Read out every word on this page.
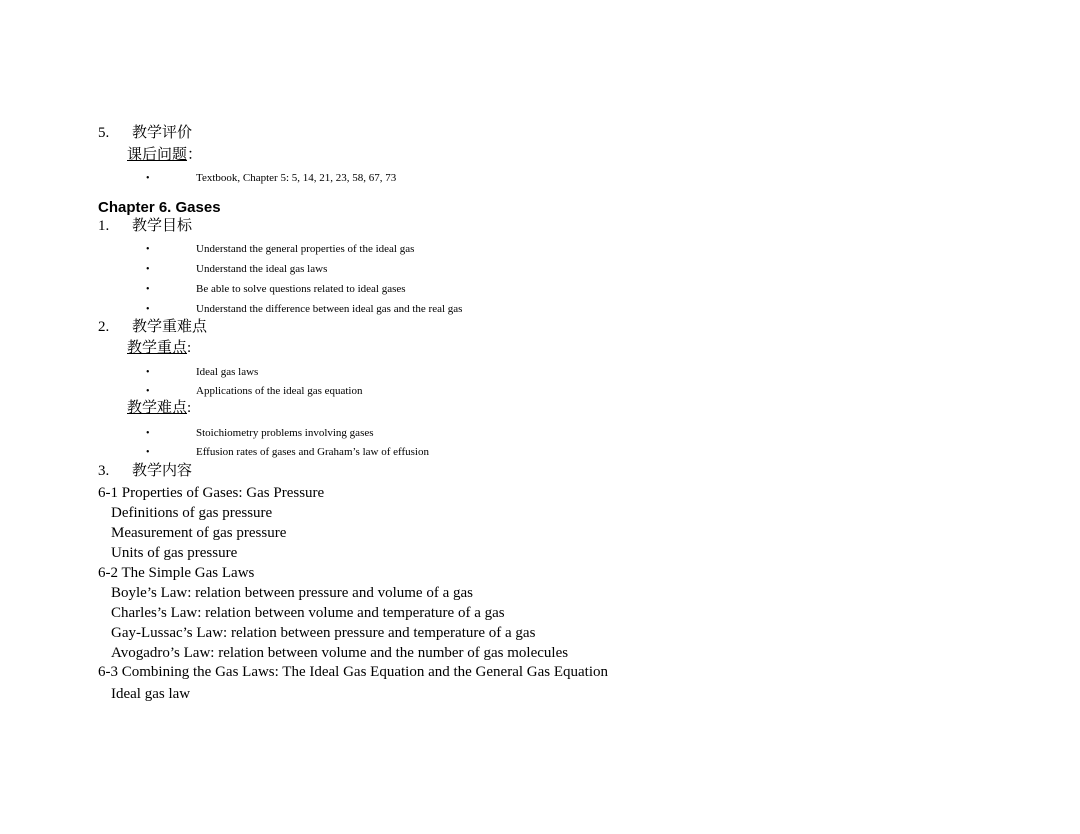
5. 教学评价
课后问题：
•	Textbook, Chapter 5: 5, 14, 21, 23, 58, 67, 73
Chapter 6. Gases
1. 教学目标
•	Understand the general properties of the ideal gas
•	Understand the ideal gas laws
•	Be able to solve questions related to ideal gases
•	Understand the difference between ideal gas and the real gas
2. 教学重难点
教学重点:
•	Ideal gas laws
•	Applications of the ideal gas equation
教学难点:
•	Stoichiometry problems involving gases
•	Effusion rates of gases and Graham’s law of effusion
3. 教学内容
6-1 Properties of Gases: Gas Pressure
Definitions of gas pressure
Measurement of gas pressure
Units of gas pressure
6-2 The Simple Gas Laws
Boyle’s Law: relation between pressure and volume of a gas
Charles’s Law: relation between volume and temperature of a gas
Gay-Lussac’s Law: relation between pressure and temperature of a gas
Avogadro’s Law: relation between volume and the number of gas molecules
6-3 Combining the Gas Laws: The Ideal Gas Equation and the General Gas Equation
Ideal gas law
